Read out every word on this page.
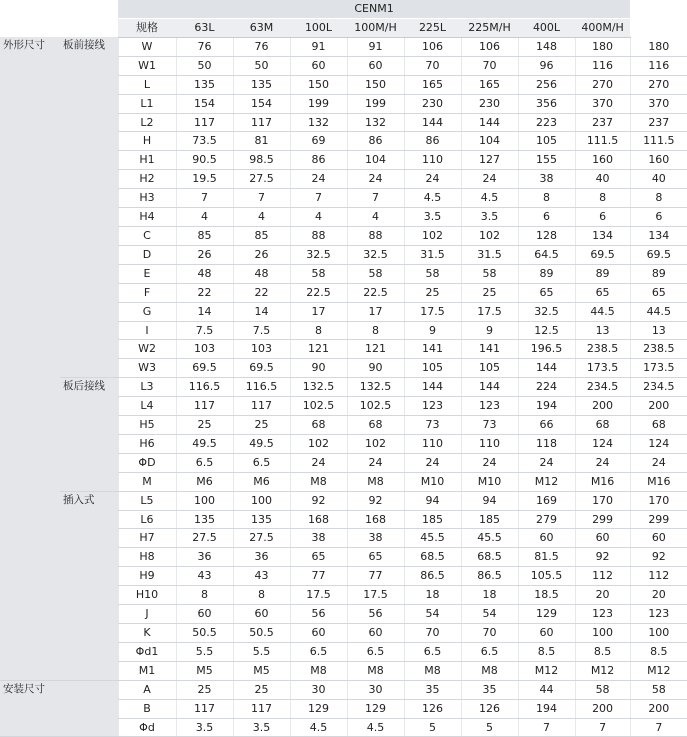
		CENM1									
		规格	63L	63M	100L	100M/H	225L	225M/H	400L	400M/H	
外形尺寸	板前接线	W	76	76	91	91	106	106	148	180	180
		W1	50	50	60	60	70	70	96	116	116
		L	135	135	150	150	165	165	256	270	270
		L1	154	154	199	199	230	230	356	370	370
		L2	117	117	132	132	144	144	223	237	237
		H	73.5	81	69	86	86	104	105	111.5	111.5
		H1	90.5	98.5	86	104	110	127	155	160	160
		H2	19.5	27.5	24	24	24	24	38	40	40
		H3	7	7	7	7	4.5	4.5	8	8	8
		H4	4	4	4	4	3.5	3.5	6	6	6
		C	85	85	88	88	102	102	128	134	134
		D	26	26	32.5	32.5	31.5	31.5	64.5	69.5	69.5
		E	48	48	58	58	58	58	89	89	89
		F	22	22	22.5	22.5	25	25	65	65	65
		G	14	14	17	17	17.5	17.5	32.5	44.5	44.5
		I	7.5	7.5	8	8	9	9	12.5	13	13
		W2	103	103	121	121	141	141	196.5	238.5	238.5
		W3	69.5	69.5	90	90	105	105	144	173.5	173.5
	板后接线	L3	116.5	116.5	132.5	132.5	144	144	224	234.5	234.5
		L4	117	117	102.5	102.5	123	123	194	200	200
		H5	25	25	68	68	73	73	66	68	68
		H6	49.5	49.5	102	102	110	110	118	124	124
		ΦD	6.5	6.5	24	24	24	24	24	24	24
		M	M6	M6	M8	M8	M10	M10	M12	M16	M16
	插入式	L5	100	100	92	92	94	94	169	170	170
		L6	135	135	168	168	185	185	279	299	299
		H7	27.5	27.5	38	38	45.5	45.5	60	60	60
		H8	36	36	65	65	68.5	68.5	81.5	92	92
		H9	43	43	77	77	86.5	86.5	105.5	112	112
		H10	8	8	17.5	17.5	18	18	18.5	20	20
		J	60	60	56	56	54	54	129	123	123
		K	50.5	50.5	60	60	70	70	60	100	100
		Φd1	5.5	5.5	6.5	6.5	6.5	6.5	8.5	8.5	8.5
		M1	M5	M5	M8	M8	M8	M8	M12	M12	M12
安装尺寸		A	25	25	30	30	35	35	44	58	58
		B	117	117	129	129	126	126	194	200	200
		Φd	3.5	3.5	4.5	4.5	5	5	7	7	7
